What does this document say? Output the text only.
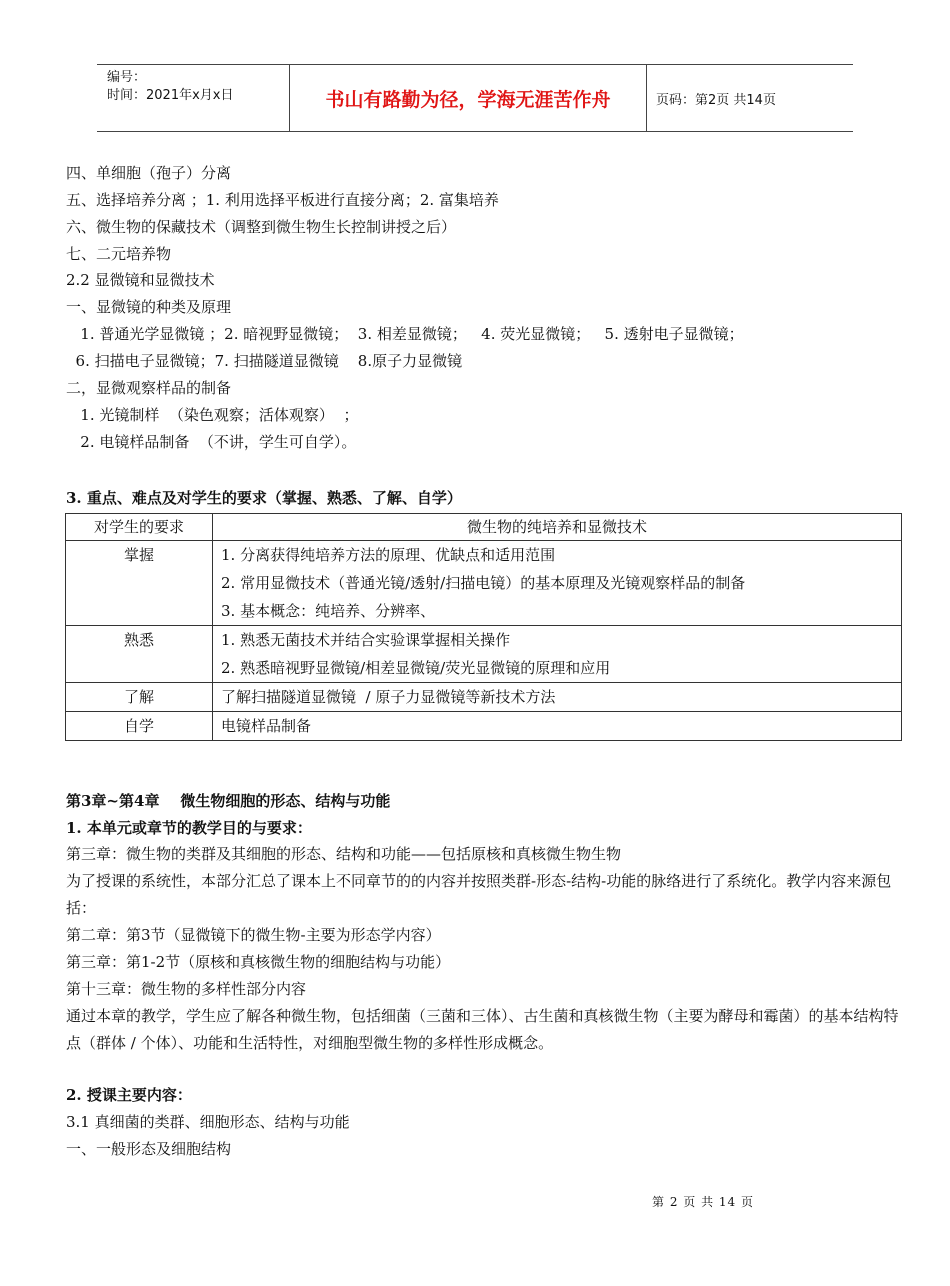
编号：
时间：2021年x月x日	书山有路勤为径，学海无涯苦作舟	页码：第2页 共14页
四、单细胞（孢子）分离
五、选择培养分离 ；1. 利用选择平板进行直接分离；2. 富集培养
六、微生物的保藏技术（调整到微生物生长控制讲授之后）
七、二元培养物
2.2 显微镜和显微技术
一、显微镜的种类及原理
1. 普通光学显微镜 ；2. 暗视野显微镜；  3. 相差显微镜；   4. 荧光显微镜；   5. 透射电子显微镜；
6. 扫描电子显微镜；7. 扫描隧道显微镜    8.原子力显微镜
二，显微观察样品的制备
1. 光镜制样  （染色观察；活体观察）  ；
2. 电镜样品制备  （不讲，学生可自学）。
3. 重点、难点及对学生的要求（掌握、熟悉、了解、自学）
对学生的要求	微生物的纯培养和显微技术

掌握	1. 分离获得纯培养方法的原理、优缺点和适用范围
2. 常用显微技术（普通光镜/透射/扫描电镜）的基本原理及光镜观察样品的制备
3. 基本概念：纯培养、分辨率、

熟悉	1. 熟悉无菌技术并结合实验课掌握相关操作
2. 熟悉暗视野显微镜/相差显微镜/荧光显微镜的原理和应用

了解	了解扫描隧道显微镜  / 原子力显微镜等新技术方法

自学	电镜样品制备
第3章~第4章    微生物细胞的形态、结构与功能
1. 本单元或章节的教学目的与要求：
第三章：微生物的类群及其细胞的形态、结构和功能——包括原核和真核微生物生物
为了授课的系统性，本部分汇总了课本上不同章节的的内容并按照类群-形态-结构-功能的脉络进行了系统化。教学内容来源包括：
第二章：第3节（显微镜下的微生物-主要为形态学内容）
第三章：第1-2节（原核和真核微生物的细胞结构与功能）
第十三章：微生物的多样性部分内容
通过本章的教学，学生应了解各种微生物，包括细菌（三菌和三体）、古生菌和真核微生物（主要为酵母和霉菌）的基本结构特点（群体 / 个体）、功能和生活特性，对细胞型微生物的多样性形成概念。
2. 授课主要内容：
3.1 真细菌的类群、细胞形态、结构与功能
一、一般形态及细胞结构
第 2 页 共 14 页
